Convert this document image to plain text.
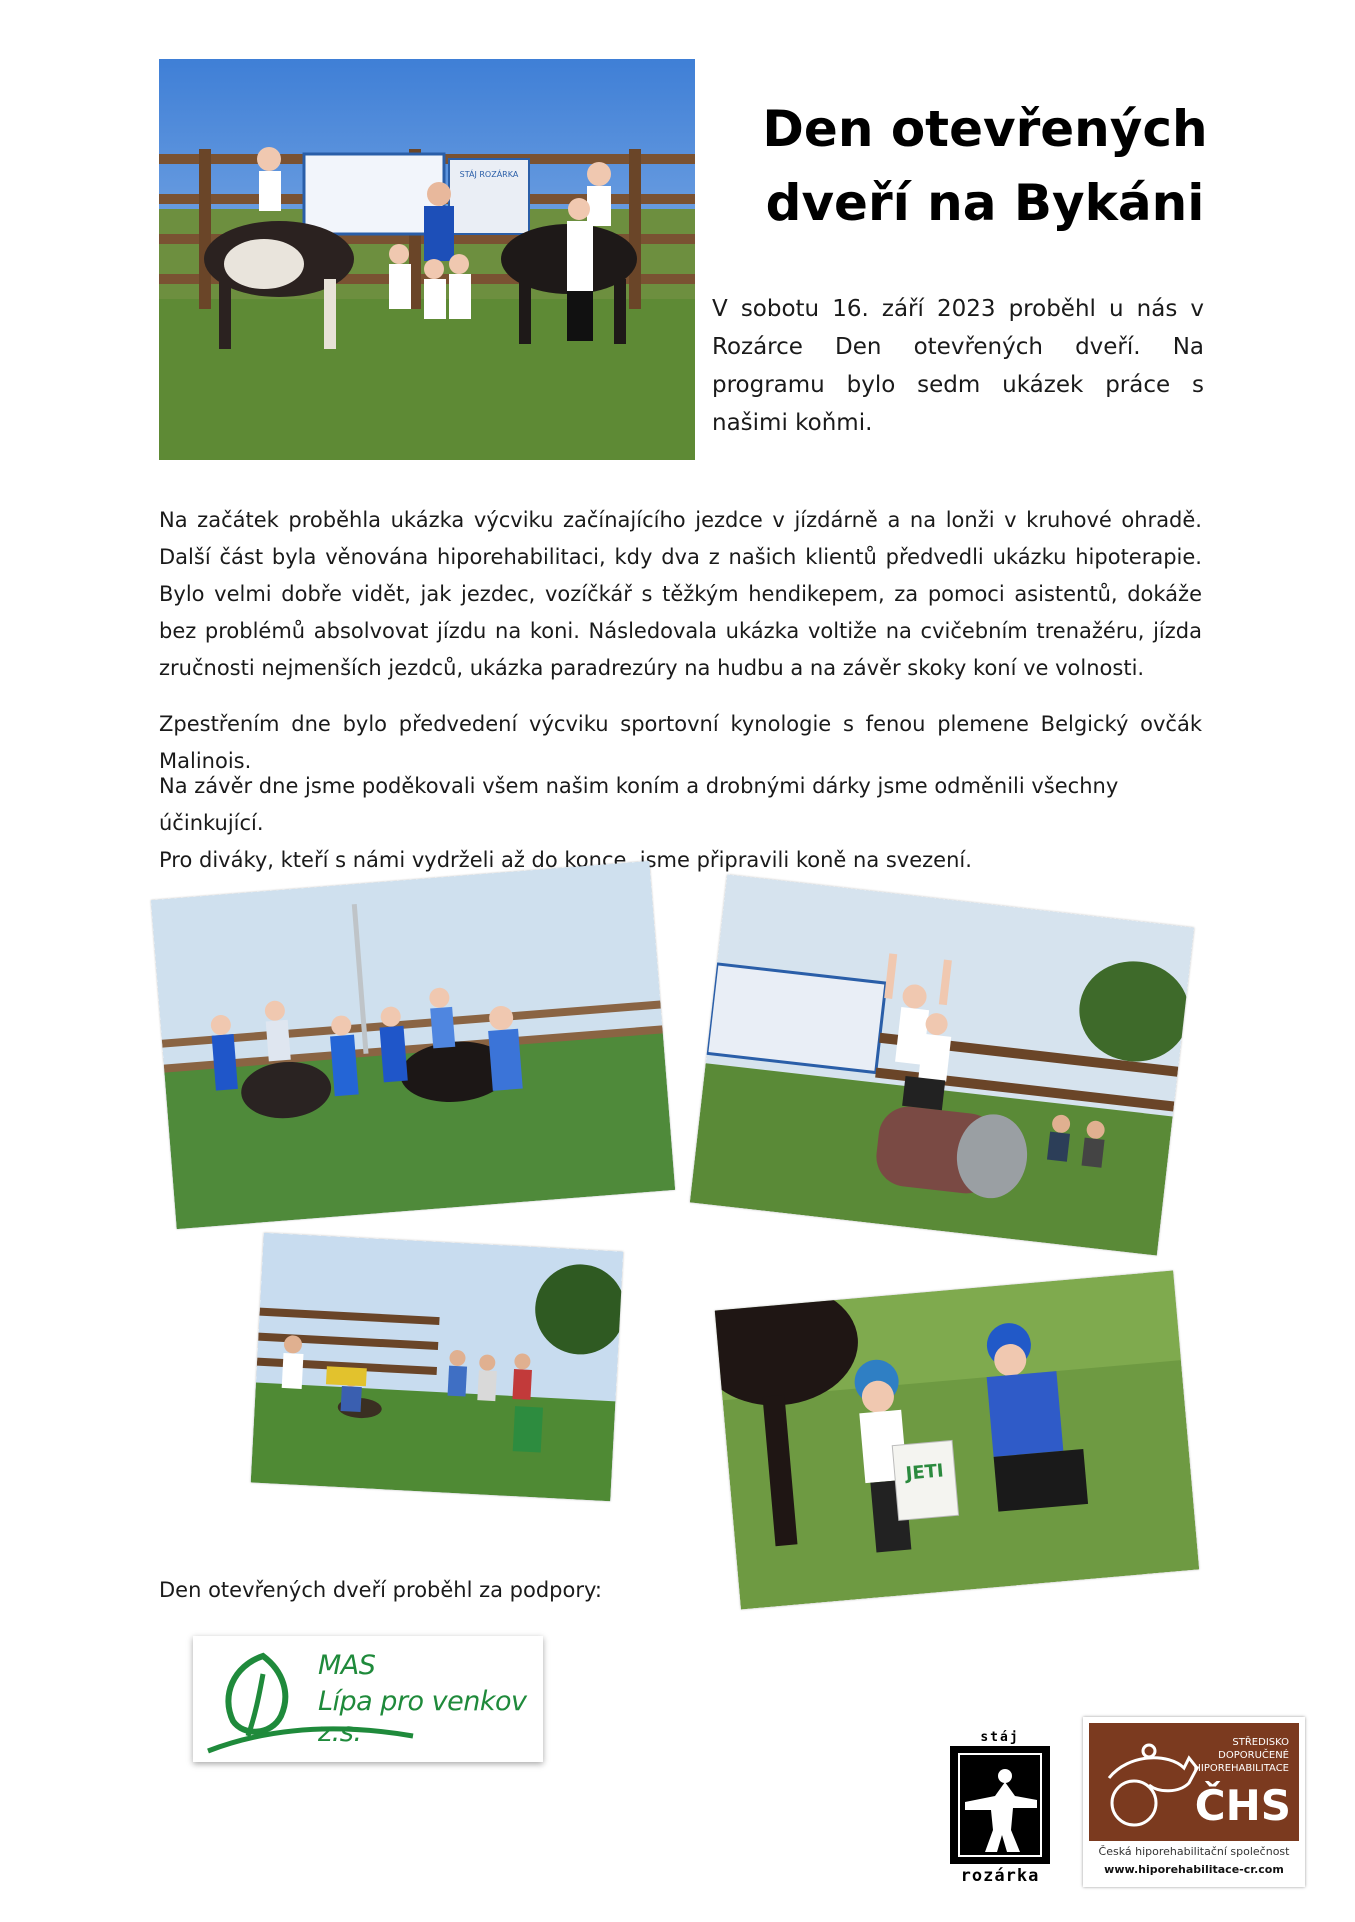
STÁJ ROZÁRKA
Den otevřených
dveří na Bykáni
V sobotu 16. září 2023 proběhl u nás v Rozárce Den otevřených dveří. Na programu bylo sedm ukázek práce s našimi koňmi.

Na začátek proběhla ukázka výcviku začínajícího jezdce v jízdárně a na lonži v kruhové ohradě. Další část byla věnována hiporehabilitaci, kdy dva z našich klientů předvedli ukázku hipoterapie. Bylo velmi dobře vidět, jak jezdec, vozíčkář s těžkým hendikepem, za pomoci asistentů, dokáže bez problémů absolvovat jízdu na koni. Následovala ukázka voltiže na cvičebním trenažéru, jízda zručnosti nejmenších jezdců, ukázka paradrezúry na hudbu a na závěr skoky koní ve volnosti.

Zpestřením dne bylo předvedení výcviku sportovní kynologie s fenou plemene Belgický ovčák Malinois.

Na závěr dne jsme poděkovali všem našim koním a drobnými dárky jsme odměnili všechny účinkující.

Pro diváky, kteří s námi vydrželi až do konce, jsme připravili koně na svezení.

JETI
Den otevřených dveří proběhl za podpory:
MAS
Lípa pro venkov z.s.	stáj
rozárka
STŘEDISKO
DOPORUČENÉ
HIPOREHABILITACE
ČHS
Česká hiporehabilitační společnost
www.hiporehabilitace-cr.com
